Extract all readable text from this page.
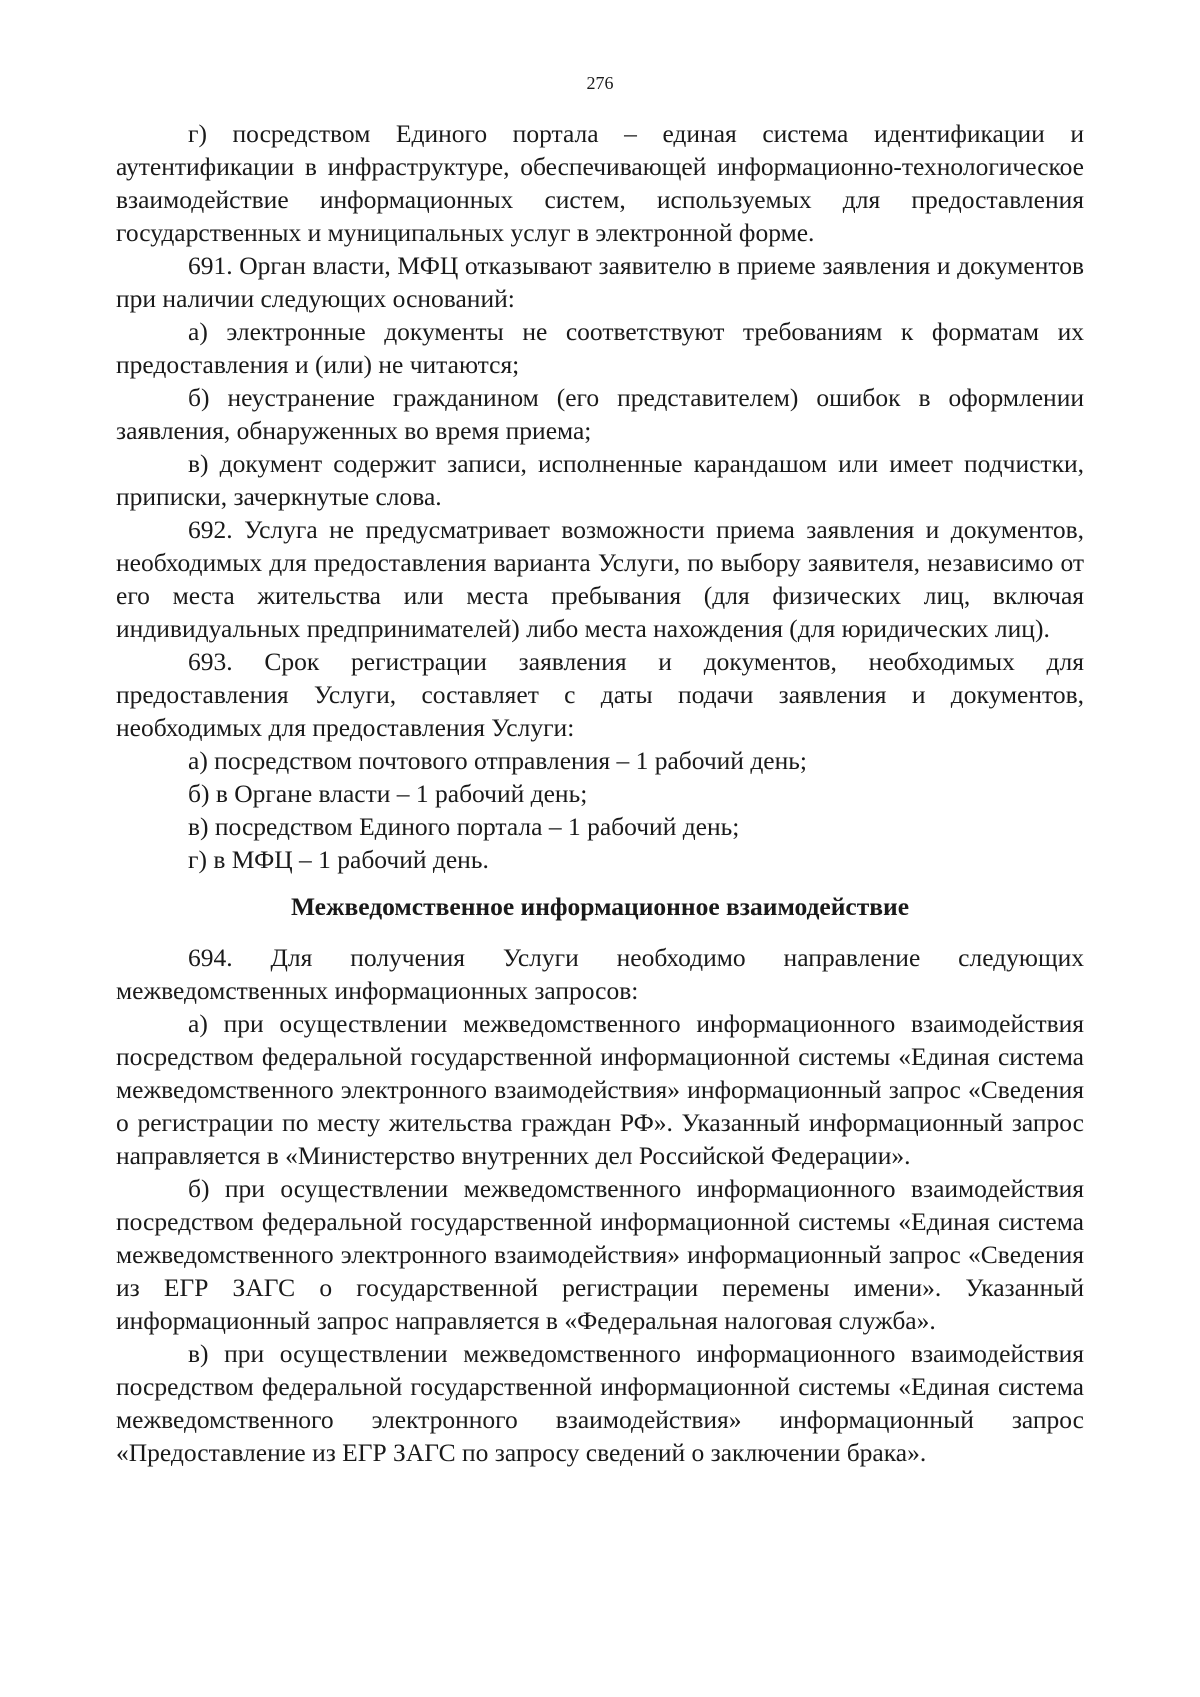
276

г) посредством Единого портала – единая система идентификации и аутентификации в инфраструктуре, обеспечивающей информационно-технологическое взаимодействие информационных систем, используемых для предоставления государственных и муниципальных услуг в электронной форме.

691. Орган власти, МФЦ отказывают заявителю в приеме заявления и документов при наличии следующих оснований:

а) электронные документы не соответствуют требованиям к форматам их предоставления и (или) не читаются;

б) неустранение гражданином (его представителем) ошибок в оформлении заявления, обнаруженных во время приема;

в) документ содержит записи, исполненные карандашом или имеет подчистки, приписки, зачеркнутые слова.

692. Услуга не предусматривает возможности приема заявления и документов, необходимых для предоставления варианта Услуги, по выбору заявителя, независимо от его места жительства или места пребывания (для физических лиц, включая индивидуальных предпринимателей) либо места нахождения (для юридических лиц).

693. Срок регистрации заявления и документов, необходимых для предоставления Услуги, составляет с даты подачи заявления и документов, необходимых для предоставления Услуги:

а) посредством почтового отправления – 1 рабочий день;

б) в Органе власти – 1 рабочий день;

в) посредством Единого портала – 1 рабочий день;

г) в МФЦ – 1 рабочий день.

Межведомственное информационное взаимодействие

694. Для получения Услуги необходимо направление следующих межведомственных информационных запросов:

а) при осуществлении межведомственного информационного взаимодействия посредством федеральной государственной информационной системы «Единая система межведомственного электронного взаимодействия» информационный запрос «Сведения о регистрации по месту жительства граждан РФ». Указанный информационный запрос направляется в «Министерство внутренних дел Российской Федерации».

б) при осуществлении межведомственного информационного взаимодействия посредством федеральной государственной информационной системы «Единая система межведомственного электронного взаимодействия» информационный запрос «Сведения из ЕГР ЗАГС о государственной регистрации перемены имени». Указанный информационный запрос направляется в «Федеральная налоговая служба».

в) при осуществлении межведомственного информационного взаимодействия посредством федеральной государственной информационной системы «Единая система межведомственного электронного взаимодействия» информационный запрос «Предоставление из ЕГР ЗАГС по запросу сведений о заключении брака».
